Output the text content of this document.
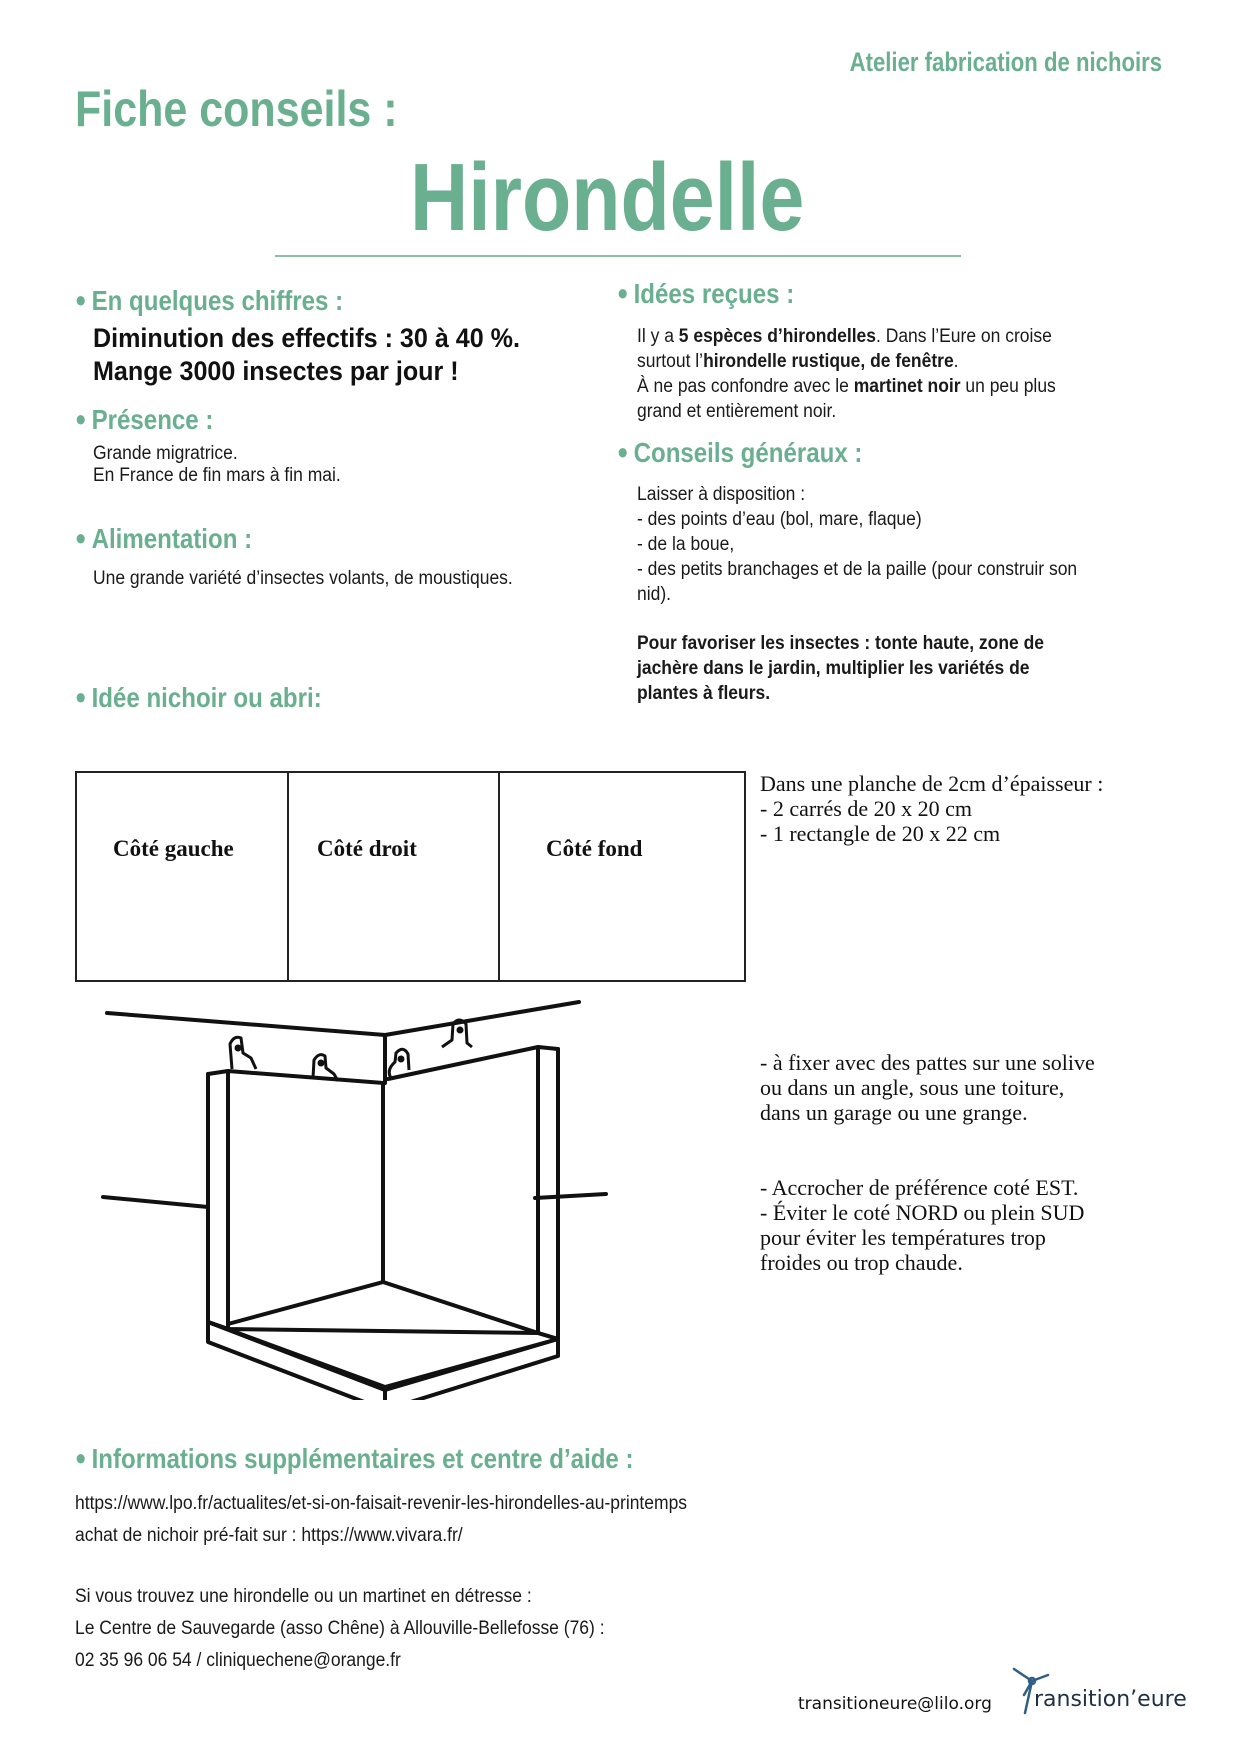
Atelier fabrication de nichoirs
Fiche conseils :
Hirondelle
● En quelques chiffres :
Diminution des effectifs : 30 à 40 %.
Mange 3000 insectes par jour !
● Présence :
Grande migratrice.
En France de fin mars à fin mai.
● Alimentation :
Une grande variété d’insectes volants, de moustiques.
● Idée nichoir ou abri:
● Idées reçues :
Il y a 5 espèces d’hirondelles. Dans l’Eure on croise
surtout l’hirondelle rustique, de fenêtre.
À ne pas confondre avec le martinet noir un peu plus
grand et entièrement noir.
● Conseils généraux :
Laisser à disposition :
- des points d’eau (bol, mare, flaque)
- de la boue,
- des petits branchages et de la paille (pour construir son
nid).
Pour favoriser les insectes : tonte haute, zone de
jachère dans le jardin, multiplier les variétés de
plantes à fleurs.
Côté gauche	Côté droit	Côté fond
Dans une planche de 2cm d’épaisseur :
- 2 carrés de 20 x 20 cm
- 1 rectangle de 20 x 22 cm
- à fixer avec des pattes sur une solive
ou dans un angle, sous une toiture,
dans un garage ou une grange.
- Accrocher de préférence coté EST.
- Éviter le coté NORD ou plein SUD
pour éviter les températures trop
froides ou trop chaude.
● Informations supplémentaires et centre d’aide :
https://www.lpo.fr/actualites/et-si-on-faisait-revenir-les-hirondelles-au-printemps
achat de nichoir pré-fait sur : https://www.vivara.fr/
Si vous trouvez une hirondelle ou un martinet en détresse :
Le Centre de Sauvegarde (asso Chêne) à Allouville-Bellefosse (76) :
02 35 96 06 54 / cliniquechene@orange.fr
transitioneure@lilo.org ransition’eure
